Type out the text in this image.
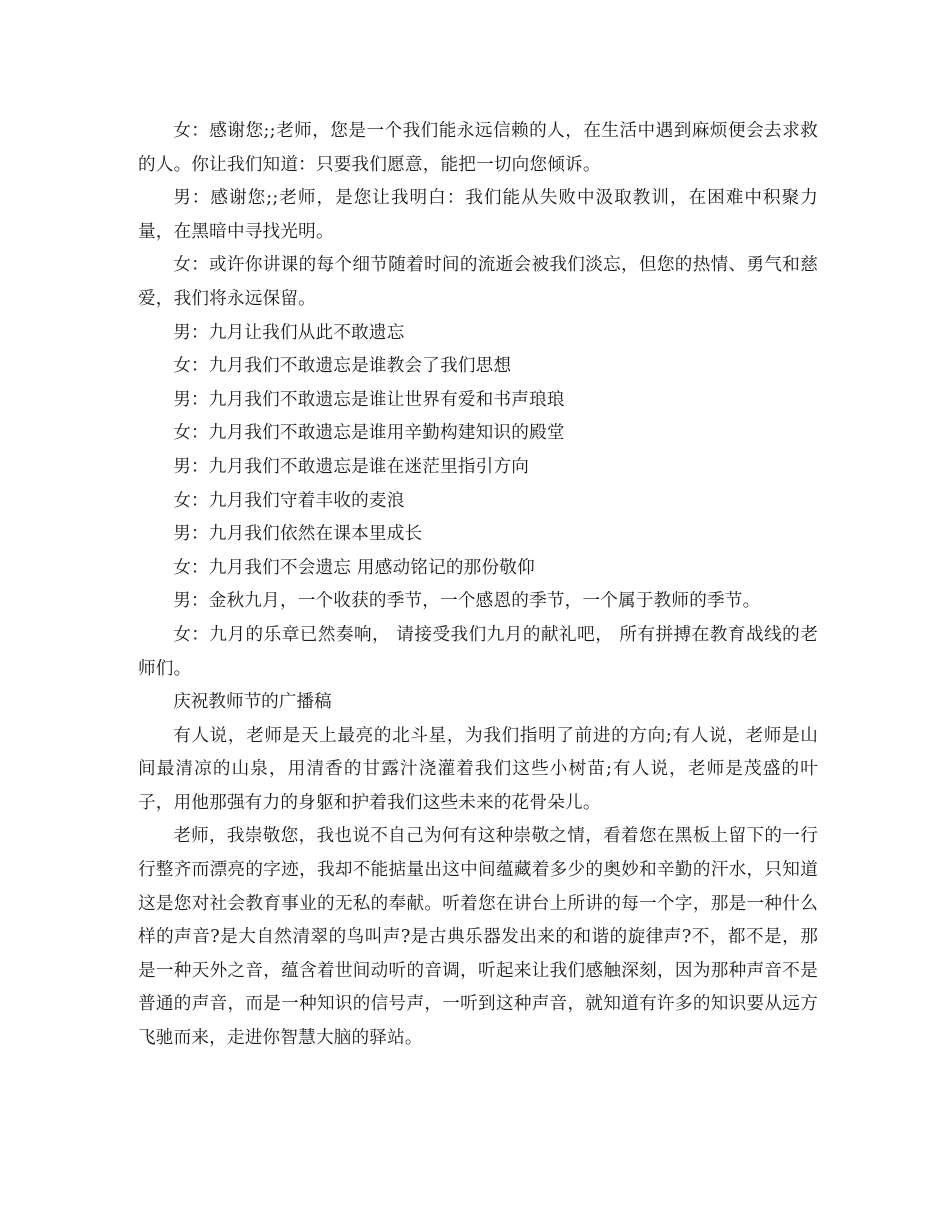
女：感谢您;;老师，您是一个我们能永远信赖的人，在生活中遇到麻烦便会去求救的人。你让我们知道：只要我们愿意，能把一切向您倾诉。

男：感谢您;;老师，是您让我明白：我们能从失败中汲取教训，在困难中积聚力量，在黑暗中寻找光明。

女：或许你讲课的每个细节随着时间的流逝会被我们淡忘，但您的热情、勇气和慈爱，我们将永远保留。

男：九月让我们从此不敢遗忘

女：九月我们不敢遗忘是谁教会了我们思想

男：九月我们不敢遗忘是谁让世界有爱和书声琅琅

女：九月我们不敢遗忘是谁用辛勤构建知识的殿堂

男：九月我们不敢遗忘是谁在迷茫里指引方向

女：九月我们守着丰收的麦浪

男：九月我们依然在课本里成长

女：九月我们不会遗忘 用感动铭记的那份敬仰

男：金秋九月，一个收获的季节，一个感恩的季节，一个属于教师的季节。

女：九月的乐章已然奏响， 请接受我们九月的献礼吧， 所有拼搏在教育战线的老师们。

庆祝教师节的广播稿

有人说，老师是天上最亮的北斗星，为我们指明了前进的方向;有人说，老师是山间最清凉的山泉，用清香的甘露汁浇灌着我们这些小树苗;有人说，老师是茂盛的叶子，用他那强有力的身躯和护着我们这些未来的花骨朵儿。

老师，我崇敬您，我也说不自己为何有这种崇敬之情，看着您在黑板上留下的一行行整齐而漂亮的字迹，我却不能掂量出这中间蕴藏着多少的奥妙和辛勤的汗水，只知道这是您对社会教育事业的无私的奉献。听着您在讲台上所讲的每一个字，那是一种什么样的声音?是大自然清翠的鸟叫声?是古典乐器发出来的和谐的旋律声?不，都不是，那是一种天外之音，蕴含着世间动听的音调，听起来让我们感触深刻，因为那种声音不是普通的声音，而是一种知识的信号声，一听到这种声音，就知道有许多的知识要从远方飞驰而来，走进你智慧大脑的驿站。
